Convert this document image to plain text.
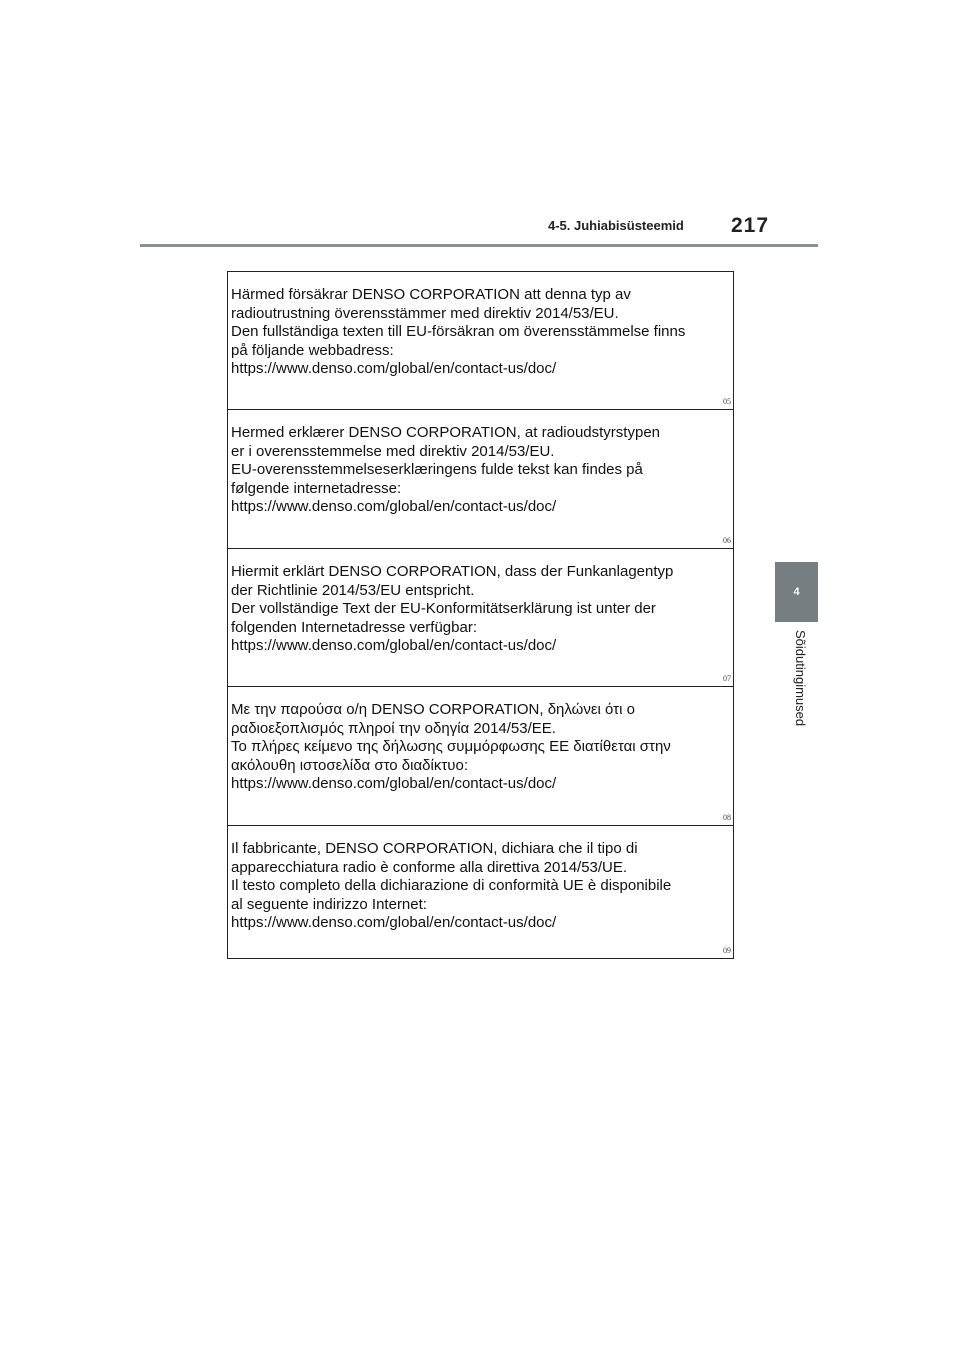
4-5. Juhiabisüsteemid 217
4
Sõidutingimused
Härmed försäkrar DENSO CORPORATION att denna typ av
radioutrustning överensstämmer med direktiv 2014/53/EU.
Den fullständiga texten till EU-försäkran om överensstämmelse finns
på följande webbadress:
https://www.denso.com/global/en/contact-us/doc/
05
Hermed erklærer DENSO CORPORATION, at radioudstyrstypen
er i overensstemmelse med direktiv 2014/53/EU.
EU-overensstemmelseserklæringens fulde tekst kan findes på
følgende internetadresse:
https://www.denso.com/global/en/contact-us/doc/
06
Hiermit erklärt DENSO CORPORATION, dass der Funkanlagentyp
der Richtlinie 2014/53/EU entspricht.
Der vollständige Text der EU-Konformitätserklärung ist unter der
folgenden Internetadresse verfügbar:
https://www.denso.com/global/en/contact-us/doc/
07
Με την παρούσα ο/η DENSO CORPORATION, δηλώνει ότι ο
ραδιοεξοπλισμός πληροί την οδηγία 2014/53/ΕΕ.
Το πλήρες κείμενο της δήλωσης συμμόρφωσης ΕΕ διατίθεται στην
ακόλουθη ιστοσελίδα στο διαδίκτυο:
https://www.denso.com/global/en/contact-us/doc/
08
Il fabbricante, DENSO CORPORATION, dichiara che il tipo di
apparecchiatura radio è conforme alla direttiva 2014/53/UE.
Il testo completo della dichiarazione di conformità UE è disponibile
al seguente indirizzo Internet:
https://www.denso.com/global/en/contact-us/doc/
09
